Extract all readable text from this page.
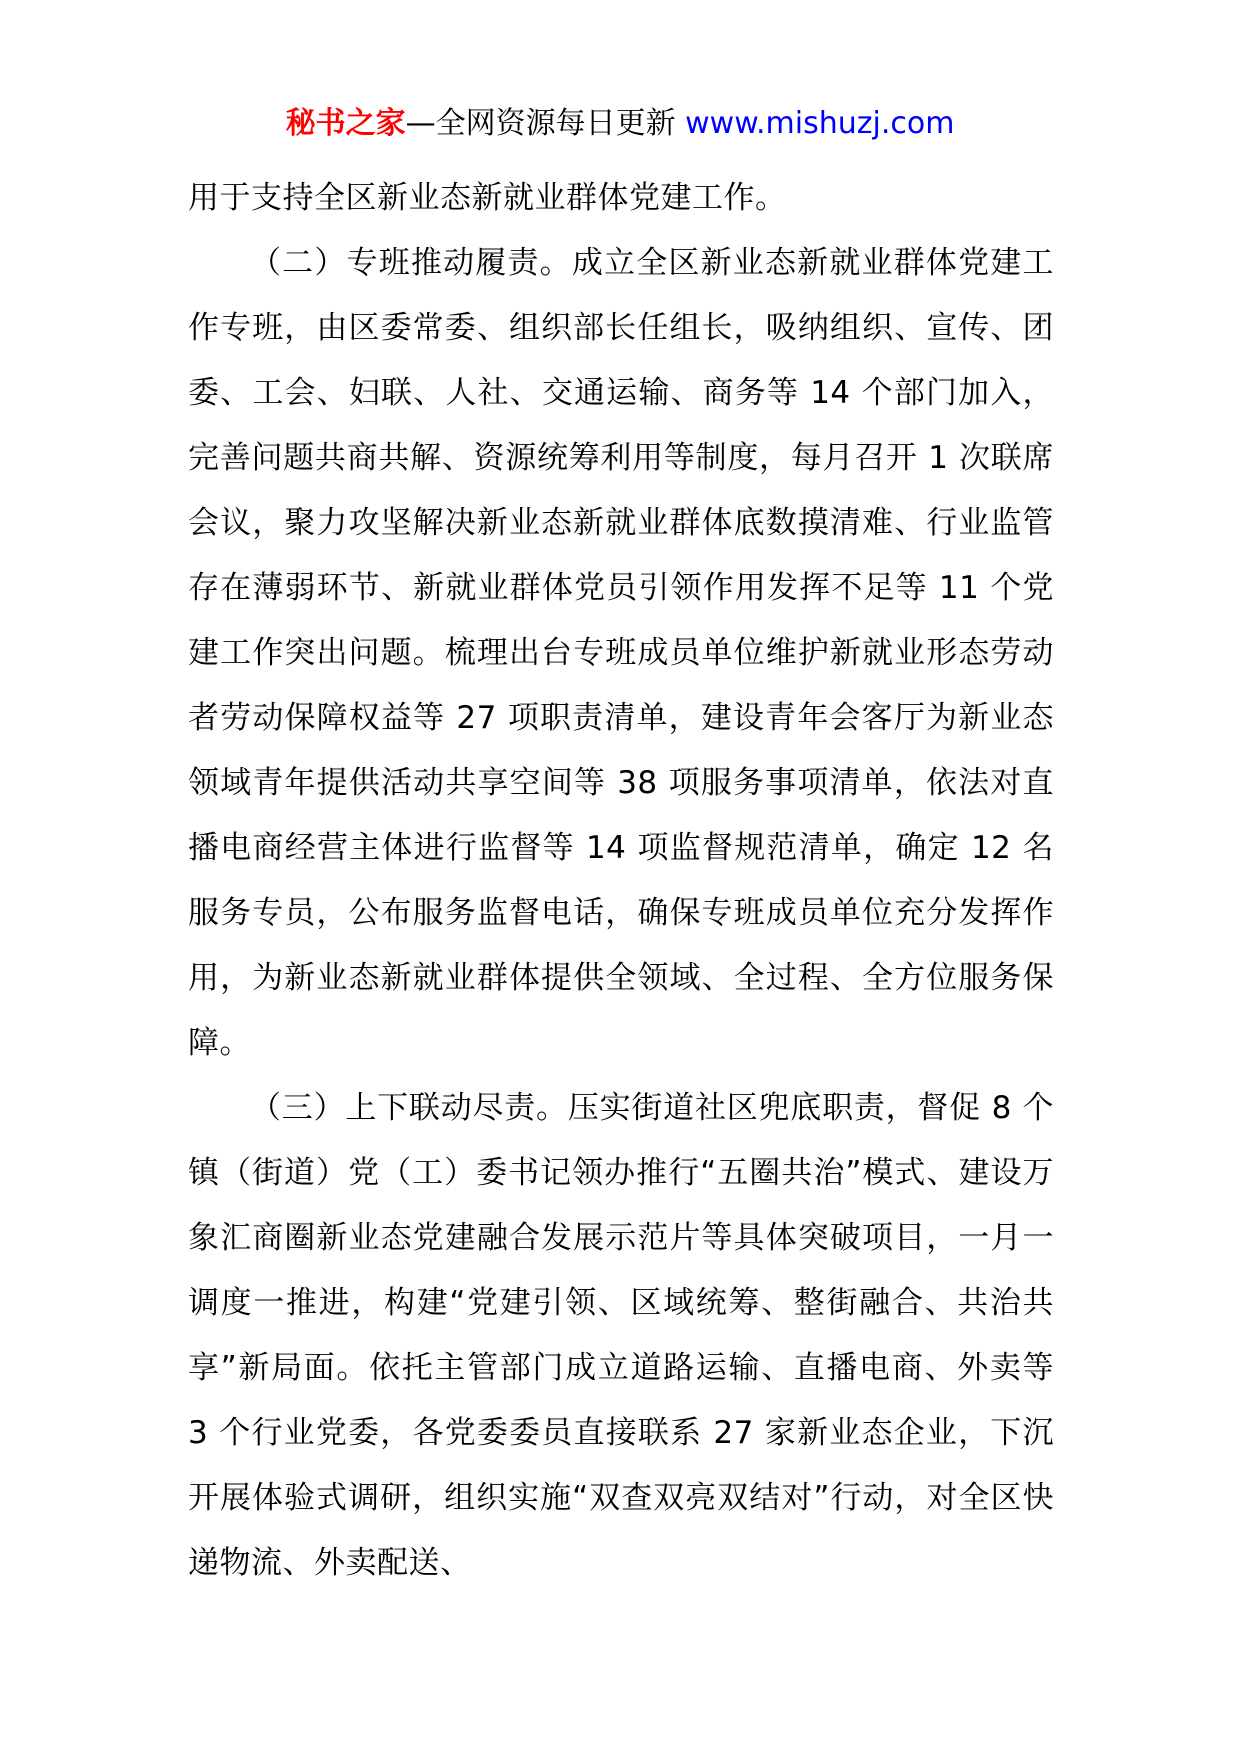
秘书之家—全网资源每日更新 www.mishuzj.com

用于支持全区新业态新就业群体党建工作。

（二）专班推动履责。成立全区新业态新就业群体党建工作专班，由区委常委、组织部长任组长，吸纳组织、宣传、团委、工会、妇联、人社、交通运输、商务等 14 个部门加入，完善问题共商共解、资源统筹利用等制度，每月召开 1 次联席会议，聚力攻坚解决新业态新就业群体底数摸清难、行业监管存在薄弱环节、新就业群体党员引领作用发挥不足等 11 个党建工作突出问题。梳理出台专班成员单位维护新就业形态劳动者劳动保障权益等 27 项职责清单，建设青年会客厅为新业态领域青年提供活动共享空间等 38 项服务事项清单，依法对直播电商经营主体进行监督等 14 项监督规范清单，确定 12 名服务专员，公布服务监督电话，确保专班成员单位充分发挥作用，为新业态新就业群体提供全领域、全过程、全方位服务保障。

（三）上下联动尽责。压实街道社区兜底职责，督促 8 个镇（街道）党（工）委书记领办推行“五圈共治”模式、建设万象汇商圈新业态党建融合发展示范片等具体突破项目，一月一调度一推进，构建“党建引领、区域统筹、整街融合、共治共享”新局面。依托主管部门成立道路运输、直播电商、外卖等 3 个行业党委，各党委委员直接联系 27 家新业态企业，下沉开展体验式调研，组织实施“双查双亮双结对”行动，对全区快递物流、外卖配送、
